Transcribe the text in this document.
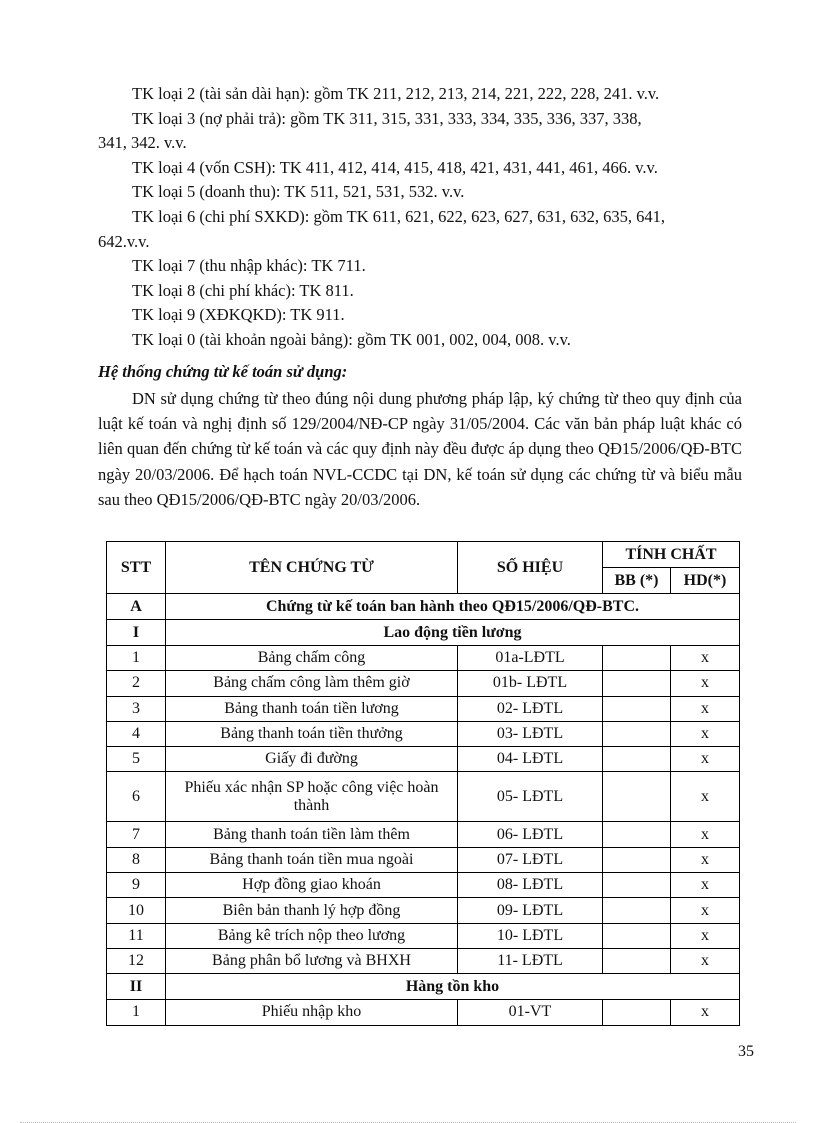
TK loại 2 (tài sản dài hạn): gồm TK 211, 212, 213, 214, 221, 222, 228, 241. v.v.

TK loại 3 (nợ phải trả): gồm TK 311, 315, 331, 333, 334, 335, 336, 337, 338,

341, 342. v.v.

TK loại 4 (vốn CSH): TK 411, 412, 414, 415, 418, 421, 431, 441, 461, 466. v.v.

TK loại 5 (doanh thu): TK 511, 521, 531, 532. v.v.

TK loại 6 (chi phí SXKD): gồm TK 611, 621, 622, 623, 627, 631, 632, 635, 641,

642.v.v.

TK loại 7 (thu nhập khác): TK 711.

TK loại 8 (chi phí khác): TK 811.

TK loại 9 (XĐKQKD): TK 911.

TK loại 0 (tài khoản ngoài bảng): gồm TK 001, 002, 004, 008. v.v.

Hệ thống chứng từ kế toán sử dụng:
DN sử dụng chứng từ theo đúng nội dung phương pháp lập, ký chứng từ theo quy định của luật kế toán và nghị định số 129/2004/NĐ-CP ngày 31/05/2004. Các văn bản pháp luật khác có liên quan đến chứng từ kế toán và các quy định này đều được áp dụng theo QĐ15/2006/QĐ-BTC ngày 20/03/2006. Để hạch toán NVL-CCDC tại DN, kế toán sử dụng các chứng từ và biểu mẫu sau theo QĐ15/2006/QĐ-BTC ngày 20/03/2006.
STT	TÊN CHỨNG TỪ	SỐ HIỆU	TÍNH CHẤT	
			BB (*)	HD(*)
A	Chứng từ kế toán ban hành theo QĐ15/2006/QĐ-BTC.			
I	Lao động tiền lương			
1	Bảng chấm công	01a-LĐTL		x
2	Bảng chấm công làm thêm giờ	01b- LĐTL		x
3	Bảng thanh toán tiền lương	02- LĐTL		x
4	Bảng thanh toán tiền thưởng	03- LĐTL		x
5	Giấy đi đường	04- LĐTL		x
6	Phiếu xác nhận SP hoặc công việc hoàn thành	05- LĐTL		x
7	Bảng thanh toán tiền làm thêm	06- LĐTL		x
8	Bảng thanh toán tiền mua ngoài	07- LĐTL		x
9	Hợp đồng giao khoán	08- LĐTL		x
10	Biên bản thanh lý hợp đồng	09- LĐTL		x
11	Bảng kê trích nộp theo lương	10- LĐTL		x
12	Bảng phân bổ lương và BHXH	11- LĐTL		x
II	Hàng tồn kho			
1	Phiếu nhập kho	01-VT		x
35
